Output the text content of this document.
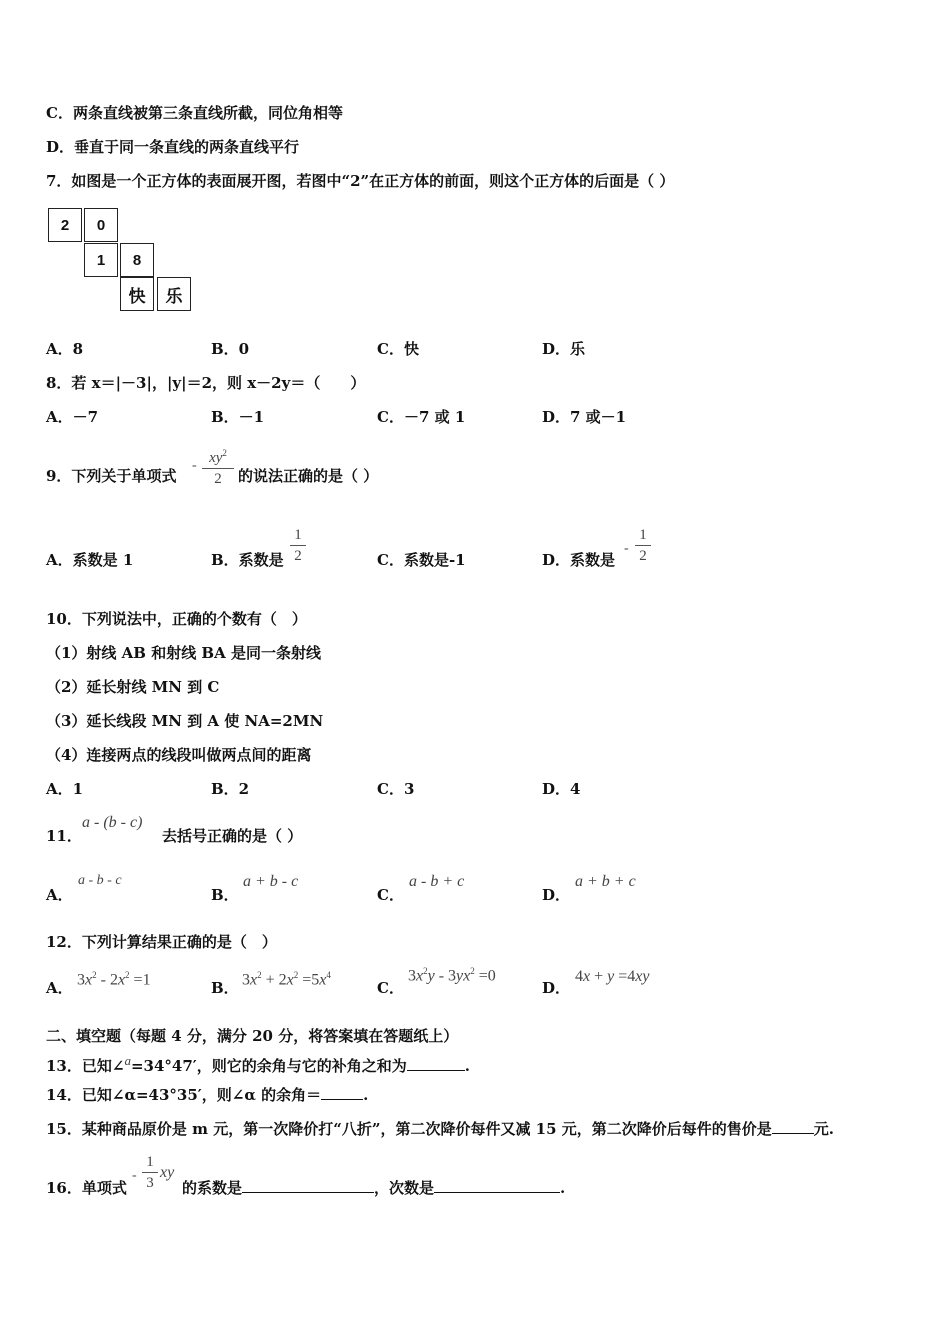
C．两条直线被第三条直线所截，同位角相等
D．垂直于同一条直线的两条直线平行
7．如图是一个正方体的表面展开图，若图中“2”在正方体的前面，则这个正方体的后面是（ ）
2	0
1	8
快	乐
A．8	B．0	C．快	D．乐
8．若 x＝|－3|，|y|＝2，则 x－2y＝（　　）
A．－7	B．－1	C．－7 或 1	D．7 或－1
9．下列关于单项式
- $xy^2$
2	的说法正确的是（ ）
A．系数是 1	B．系数是
1
2	C．系数是-1	D．系数是
-
1
2
10．下列说法中，正确的个数有（　）
（1）射线 AB 和射线 BA 是同一条射线
（2）延长射线 MN 到 C
（3）延长线段 MN 到 A 使 NA=2MN
（4）连接两点的线段叫做两点间的距离
A．1	B．2	C．3	D．4
11．
a - (b - c)
去括号正确的是（ ）
A．
a - b - c
B．
a + b - c
C．
a - b + c
D．
a + b + c
12．下列计算结果正确的是（　）
A． $3x^2 - 2x^2 =1$	B． $3x^2 + 2x^2 =5x^4$
C．
$3x^2y - 3yx^2 =0$
D．
4x + y =4xy
二、填空题（每题 4 分，满分 20 分，将答案填在答题纸上）
13．已知∠$^a$=34°47′，则它的余角与它的补角之和为	.
14．已知∠α=43°35′，则∠α 的余角＝	.
15．某种商品原价是 m 元，第一次降价打“八折”，第二次降价每件又减 15 元，第二次降价后每件的售价是	元.
16．单项式
-
1
3
xy
的系数是	，次数是	.
